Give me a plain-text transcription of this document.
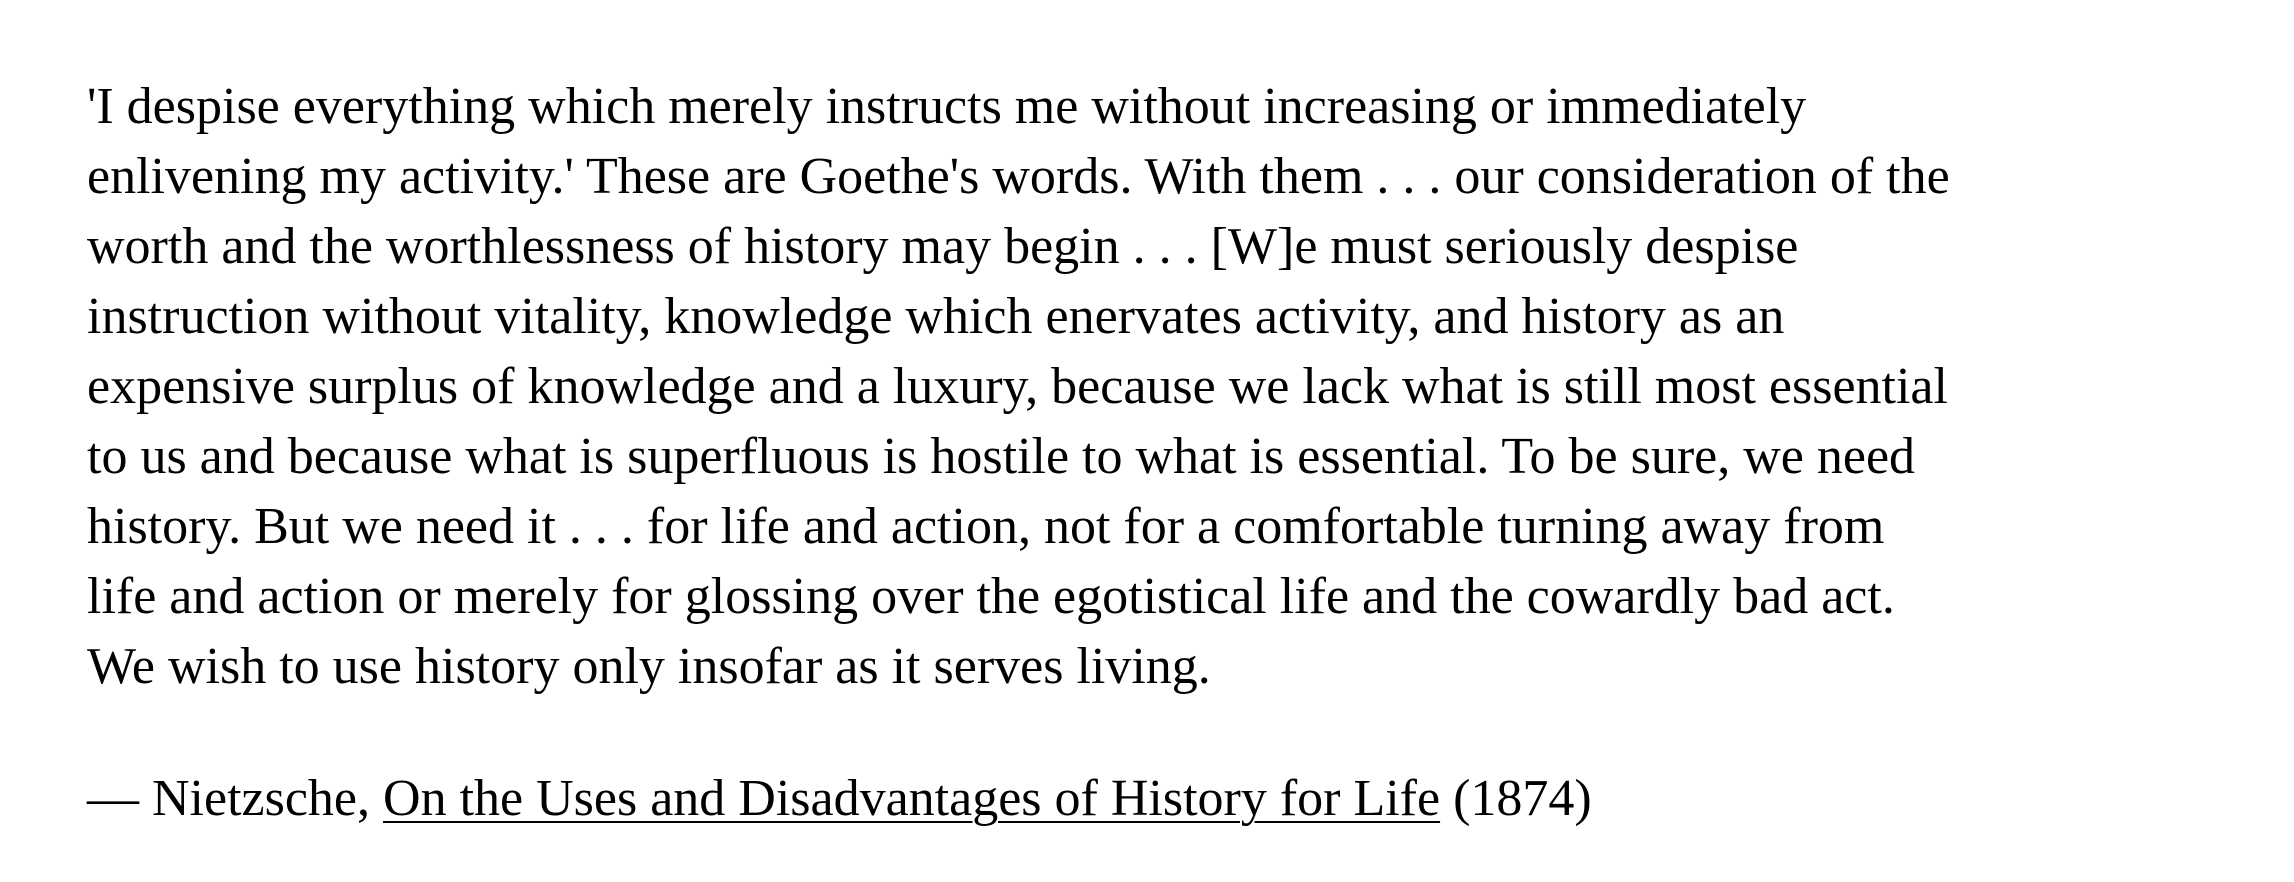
'I despise everything which merely instructs me without increasing or immediately
enlivening my activity.' These are Goethe's words. With them . . . our consideration of the
worth and the worthlessness of history may begin . . . [W]e must seriously despise
instruction without vitality, knowledge which enervates activity, and history as an
expensive surplus of knowledge and a luxury, because we lack what is still most essential
to us and because what is superfluous is hostile to what is essential. To be sure, we need
history. But we need it . . . for life and action, not for a comfortable turning away from
life and action or merely for glossing over the egotistical life and the cowardly bad act.
We wish to use history only insofar as it serves living.

— Nietzsche, On the Uses and Disadvantages of History for Life (1874)
